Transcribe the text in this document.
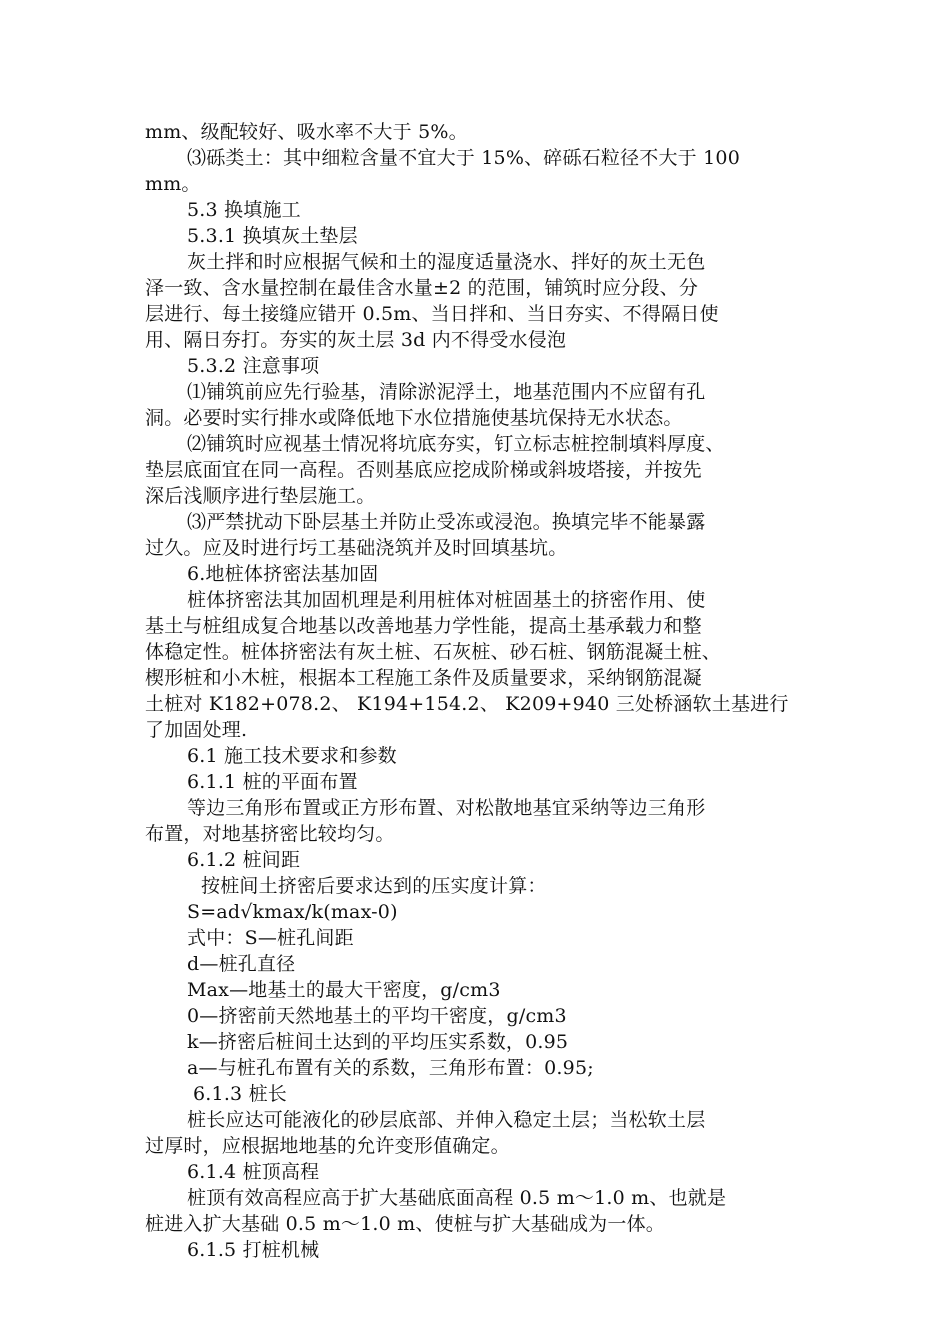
mm、级配较好、吸水率不大于 5%。
⑶砾类土：其中细粒含量不宜大于 15%、碎砾石粒径不大于 100
mm。
5.3 换填施工
5.3.1 换填灰土垫层
灰土拌和时应根据气候和土的湿度适量浇水、拌好的灰土无色
泽一致、含水量控制在最佳含水量±2 的范围，铺筑时应分段、分
层进行、每土接缝应错开 0.5m、当日拌和、当日夯实、不得隔日使
用、隔日夯打。夯实的灰土层 3d 内不得受水侵泡
5.3.2 注意事项
⑴铺筑前应先行验基，清除淤泥浮土，地基范围内不应留有孔
洞。必要时实行排水或降低地下水位措施使基坑保持无水状态。
⑵铺筑时应视基土情况将坑底夯实，钉立标志桩控制填料厚度、
垫层底面宜在同一高程。否则基底应挖成阶梯或斜坡塔接，并按先
深后浅顺序进行垫层施工。
⑶严禁扰动下卧层基土并防止受冻或浸泡。换填完毕不能暴露
过久。应及时进行圬工基础浇筑并及时回填基坑。
6.地桩体挤密法基加固
桩体挤密法其加固机理是利用桩体对桩固基土的挤密作用、使
基土与桩组成复合地基以改善地基力学性能，提高土基承载力和整
体稳定性。桩体挤密法有灰土桩、石灰桩、砂石桩、钢筋混凝土桩、
楔形桩和小木桩，根据本工程施工条件及质量要求，采纳钢筋混凝
土桩对 K182+078.2、 K194+154.2、 K209+940 三处桥涵软土基进行
了加固处理.
6.1 施工技术要求和参数
6.1.1 桩的平面布置
等边三角形布置或正方形布置、对松散地基宜采纳等边三角形
布置，对地基挤密比较均匀。
6.1.2 桩间距
按桩间土挤密后要求达到的压实度计算：
S=ad√kmax/k(max-0)
式中：S—桩孔间距
d—桩孔直径
Max—地基土的最大干密度，g/cm3
0—挤密前天然地基土的平均干密度，g/cm3
k—挤密后桩间土达到的平均压实系数，0.95
a—与桩孔布置有关的系数，三角形布置：0.95;
6.1.3 桩长
桩长应达可能液化的砂层底部、并伸入稳定土层；当松软土层
过厚时，应根据地地基的允许变形值确定。
6.1.4 桩顶高程
桩顶有效高程应高于扩大基础底面高程 0.5 m～1.0 m、也就是
桩进入扩大基础 0.5 m～1.0 m、使桩与扩大基础成为一体。
6.1.5 打桩机械
